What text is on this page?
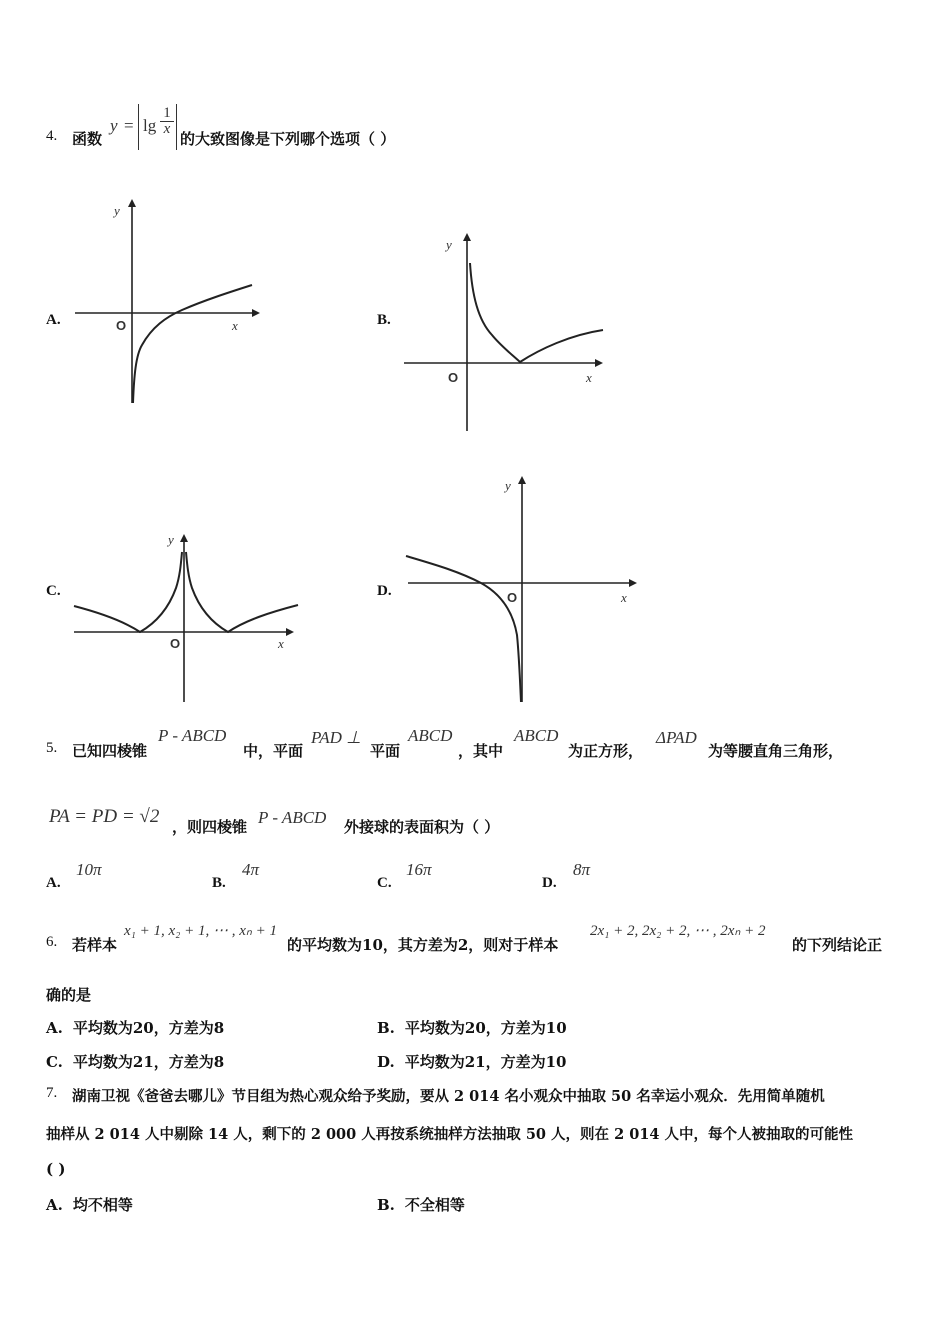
4. 函数
$y = \lg \frac{1}{x}$
的大致图像是下列哪个选项（ ）
A.
y
x
O	B.
y
x
O
C.
y
x
O
D.
y
x
O
5. 已知四棱锥
P - ABCD
中，平面
PAD ⊥
平面
ABCD
，其中
ABCD
为正方形，
ΔPAD
为等腰直角三角形，
PA = PD = √2 ，则四棱锥 P - ABCD 外接球的表面积为（ ）
A.
10π
B.
4π
C.
16π
D.
8π
6. 若样本
x₁ + 1, x₂ + 1, ⋯ , xₙ + 1
的平均数为10，其方差为2，则对于样本
2x₁ + 2, 2x₂ + 2, ⋯ , 2xₙ + 2
的下列结论正
确的是
A. 平均数为20，方差为8	B. 平均数为20，方差为10
C. 平均数为21，方差为8	D. 平均数为21，方差为10
7. 湖南卫视《爸爸去哪儿》节目组为热心观众给予奖励，要从 2 014 名小观众中抽取 50 名幸运小观众．先用简单随机
抽样从 2 014 人中剔除 14 人，剩下的 2 000 人再按系统抽样方法抽取 50 人，则在 2 014 人中，每个人被抽取的可能性
( )
A. 均不相等	B. 不全相等
